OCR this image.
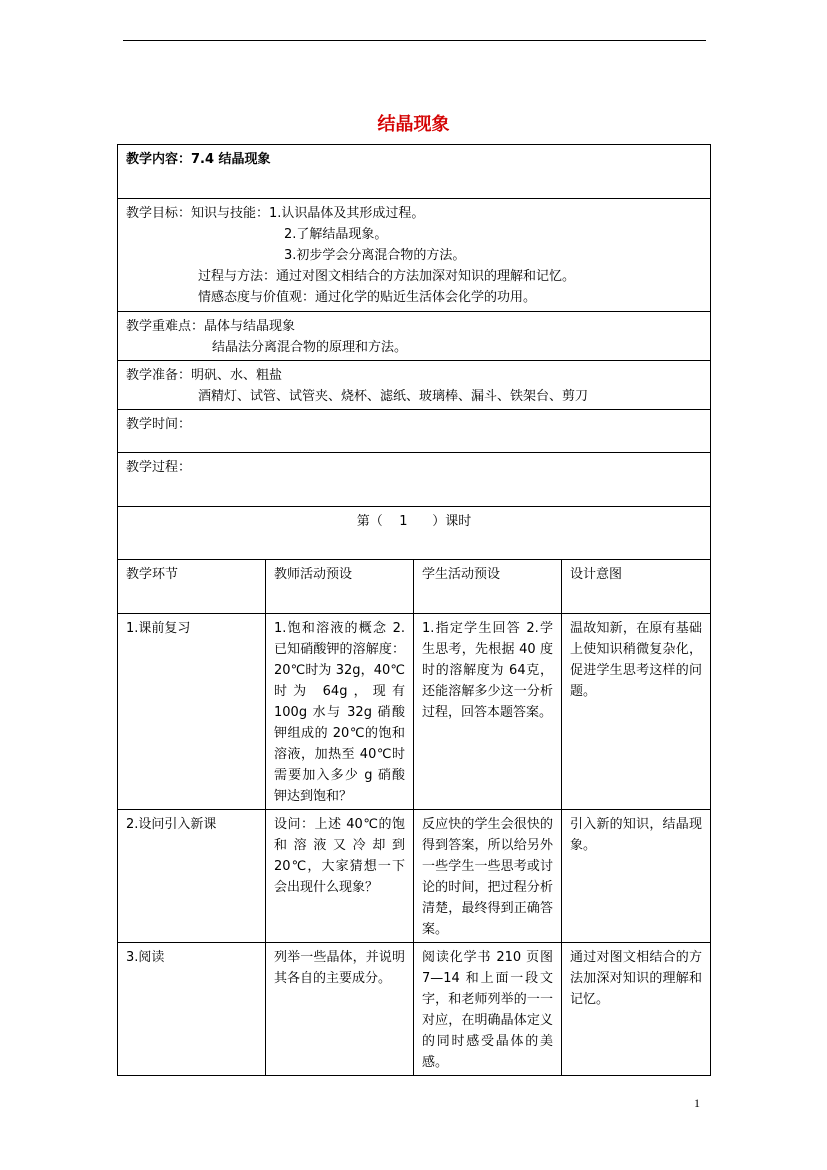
结晶现象
教学内容：7.4 结晶现象			

教学目标：知识与技能：1.认识晶体及其形成过程。
2.了解结晶现象。
3.初步学会分离混合物的方法。
过程与方法：通过对图文相结合的方法加深对知识的理解和记忆。
情感态度与价值观：通过化学的贴近生活体会化学的功用。			

教学重难点：晶体与结晶现象
结晶法分离混合物的原理和方法。			

教学准备：明矾、水、粗盐
酒精灯、试管、试管夹、烧杯、滤纸、玻璃棒、漏斗、铁架台、剪刀			

教学时间：			
教学过程：			
第（    1      ）课时			
教学环节	教师活动预设	学生活动预设	设计意图
1.课前复习	1.饱和溶液的概念 2.已知硝酸钾的溶解度：20℃时为 32g，40℃时为 64g，现有 100g 水与 32g 硝酸钾组成的 20℃的饱和溶液，加热至 40℃时需要加入多少 g 硝酸钾达到饱和？	1.指定学生回答 2.学生思考，先根据 40 度时的溶解度为 64克，还能溶解多少这一分析过程，回答本题答案。	温故知新，在原有基础上使知识稍微复杂化，促进学生思考这样的问题。
2.设问引入新课	设问：上述 40℃的饱和溶液又冷却到 20℃，大家猜想一下会出现什么现象？	反应快的学生会很快的得到答案，所以给另外一些学生一些思考或讨论的时间，把过程分析清楚，最终得到正确答案。	引入新的知识，结晶现象。
3.阅读	列举一些晶体，并说明其各自的主要成分。	阅读化学书 210 页图 7—14 和上面一段文字，和老师列举的一一对应，在明确晶体定义的同时感受晶体的美感。	通过对图文相结合的方法加深对知识的理解和记忆。
1
